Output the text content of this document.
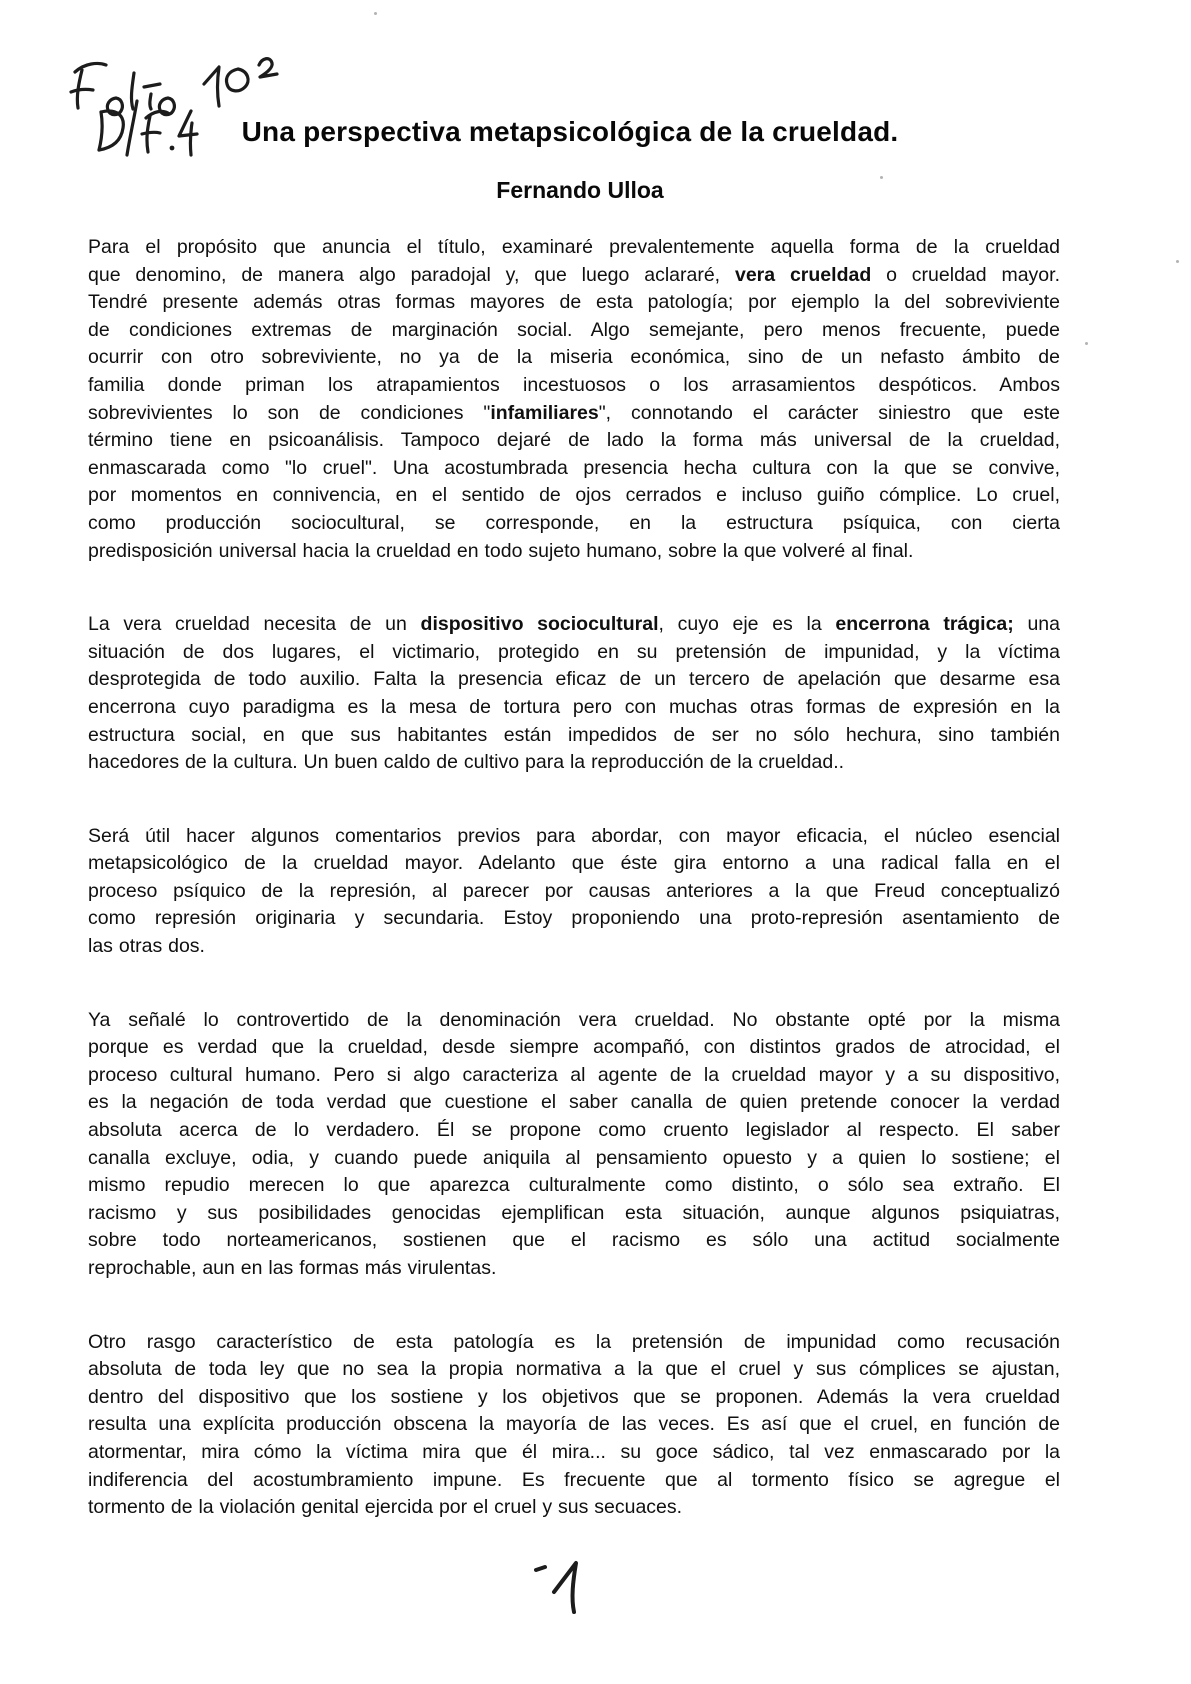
Una perspectiva metapsicológica de la crueldad.
Fernando Ulloa
Para el propósito que anuncia el título, examinaré prevalentemente aquella forma de la crueldad
que denomino, de manera algo paradojal y, que luego aclararé, vera crueldad o crueldad mayor.
Tendré presente además otras formas mayores de esta patología; por ejemplo la del sobreviviente
de condiciones extremas de marginación social. Algo semejante, pero menos frecuente, puede
ocurrir con otro sobreviviente, no ya de la miseria económica, sino de un nefasto ámbito de
familia donde priman los atrapamientos incestuosos o los arrasamientos despóticos. Ambos
sobrevivientes lo son de condiciones "infamiliares", connotando el carácter siniestro que este
término tiene en psicoanálisis. Tampoco dejaré de lado la forma más universal de la crueldad,
enmascarada como "lo cruel". Una acostumbrada presencia hecha cultura con la que se convive,
por momentos en connivencia, en el sentido de ojos cerrados e incluso guiño cómplice. Lo cruel,
como producción sociocultural, se corresponde, en la estructura psíquica, con cierta
predisposición universal hacia la crueldad en todo sujeto humano, sobre la que volveré al final.
La vera crueldad necesita de un dispositivo sociocultural, cuyo eje es la encerrona trágica; una
situación de dos lugares, el victimario, protegido en su pretensión de impunidad, y la víctima
desprotegida de todo auxilio. Falta la presencia eficaz de un tercero de apelación que desarme esa
encerrona cuyo paradigma es la mesa de tortura pero con muchas otras formas de expresión en la
estructura social, en que sus habitantes están impedidos de ser no sólo hechura, sino también
hacedores de la cultura. Un buen caldo de cultivo para la reproducción de la crueldad..
Será útil hacer algunos comentarios previos para abordar, con mayor eficacia, el núcleo esencial
metapsicológico de la crueldad mayor. Adelanto que éste gira entorno a una radical falla en el
proceso psíquico de la represión, al parecer por causas anteriores a la que Freud conceptualizó
como represión originaria y secundaria. Estoy proponiendo una proto-represión asentamiento de
las otras dos.
Ya señalé lo controvertido de la denominación vera crueldad. No obstante opté por la misma
porque es verdad que la crueldad, desde siempre acompañó, con distintos grados de atrocidad, el
proceso cultural humano. Pero si algo caracteriza al agente de la crueldad mayor y a su dispositivo,
es la negación de toda verdad que cuestione el saber canalla de quien pretende conocer la verdad
absoluta acerca de lo verdadero. Él se propone como cruento legislador al respecto. El saber
canalla excluye, odia, y cuando puede aniquila al pensamiento opuesto y a quien lo sostiene; el
mismo repudio merecen lo que aparezca culturalmente como distinto, o sólo sea extraño. El
racismo y sus posibilidades genocidas ejemplifican esta situación, aunque algunos psiquiatras,
sobre todo norteamericanos, sostienen que el racismo es sólo una actitud socialmente
reprochable, aun en las formas más virulentas.
Otro rasgo característico de esta patología es la pretensión de impunidad como recusación
absoluta de toda ley que no sea la propia normativa a la que el cruel y sus cómplices se ajustan,
dentro del dispositivo que los sostiene y los objetivos que se proponen. Además la vera crueldad
resulta una explícita producción obscena la mayoría de las veces. Es así que el cruel, en función de
atormentar, mira cómo la víctima mira que él mira... su goce sádico, tal vez enmascarado por la
indiferencia del acostumbramiento impune. Es frecuente que al tormento físico se agregue el
tormento de la violación genital ejercida por el cruel y sus secuaces.
